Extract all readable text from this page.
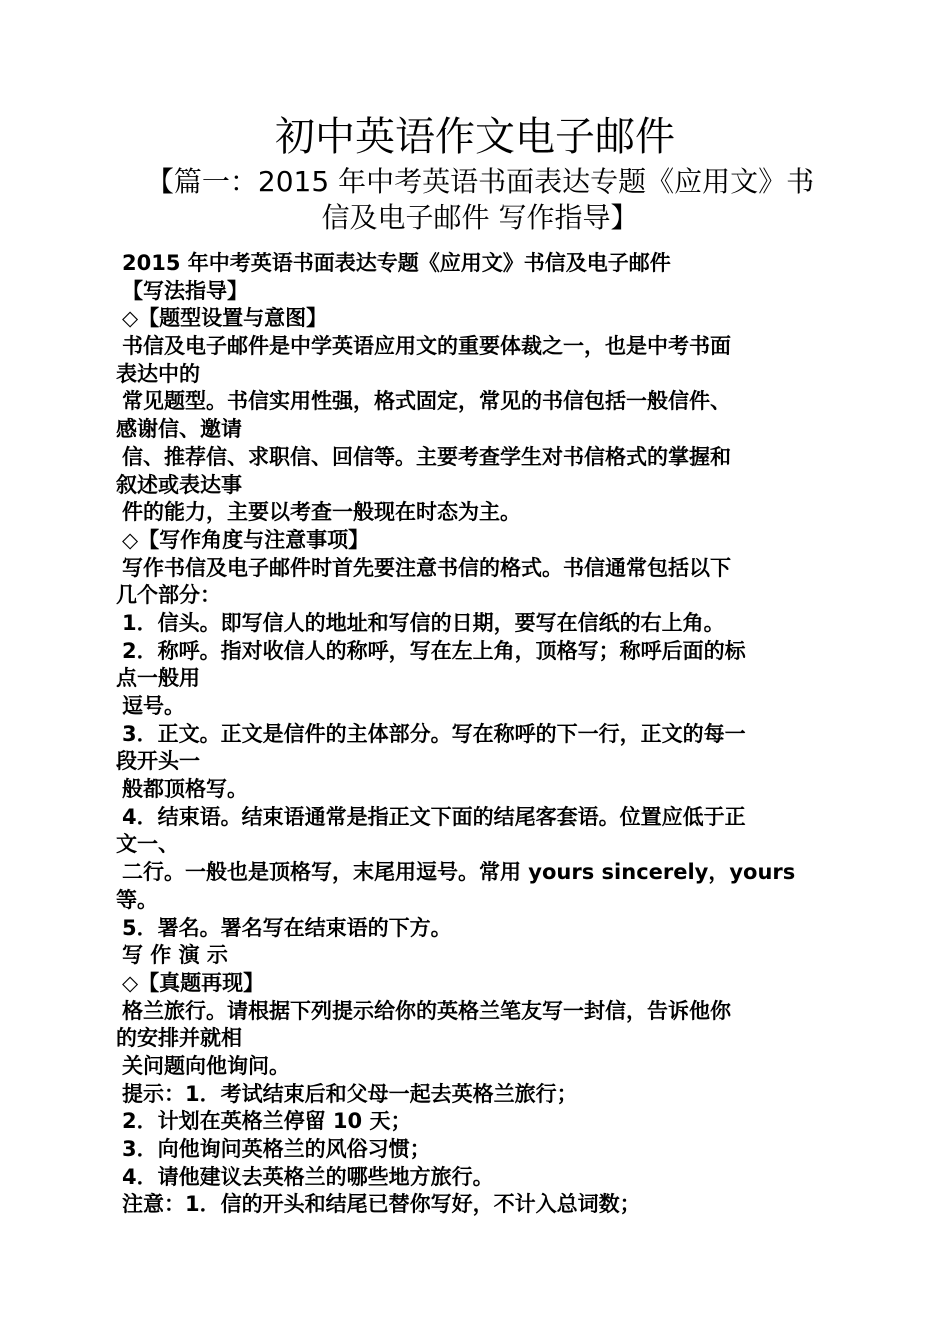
初中英语作文电子邮件
【篇一：2015 年中考英语书面表达专题《应用文》书
信及电子邮件 写作指导】
2015 年中考英语书面表达专题《应用文》书信及电子邮件
【写法指导】
◇【题型设置与意图】
书信及电子邮件是中学英语应用文的重要体裁之一，也是中考书面
表达中的
常见题型。书信实用性强，格式固定，常见的书信包括一般信件、
感谢信、邀请
信、推荐信、求职信、回信等。主要考查学生对书信格式的掌握和
叙述或表达事
件的能力，主要以考查一般现在时态为主。
◇【写作角度与注意事项】
写作书信及电子邮件时首先要注意书信的格式。书信通常包括以下
几个部分：
1．信头。即写信人的地址和写信的日期，要写在信纸的右上角。
2．称呼。指对收信人的称呼，写在左上角，顶格写；称呼后面的标
点一般用
逗号。
3．正文。正文是信件的主体部分。写在称呼的下一行，正文的每一
段开头一
般都顶格写。
4．结束语。结束语通常是指正文下面的结尾客套语。位置应低于正
文一、
二行。一般也是顶格写，末尾用逗号。常用 yours sincerely，yours
等。
5．署名。署名写在结束语的下方。
写 作 演 示
◇【真题再现】
格兰旅行。请根据下列提示给你的英格兰笔友写一封信，告诉他你
的安排并就相
关问题向他询问。
提示：1．考试结束后和父母一起去英格兰旅行；
2．计划在英格兰停留 10 天；
3．向他询问英格兰的风俗习惯；
4．请他建议去英格兰的哪些地方旅行。
注意：1．信的开头和结尾已替你写好，不计入总词数；
